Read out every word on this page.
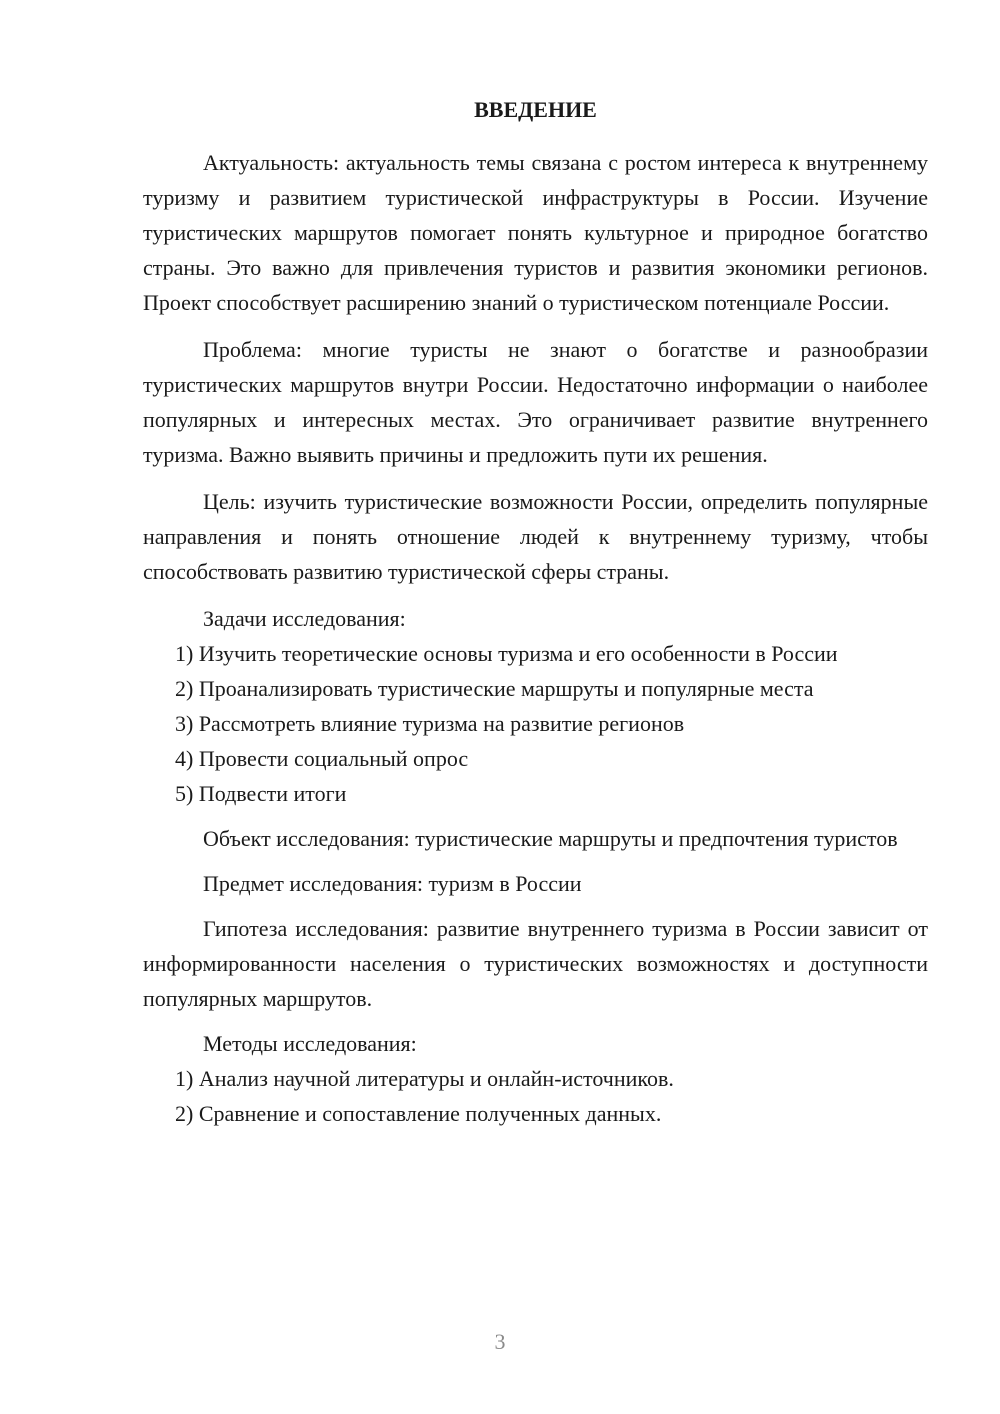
ВВЕДЕНИЕ

Актуальность: актуальность темы связана с ростом интереса к внутреннему туризму и развитием туристической инфраструктуры в России. Изучение туристических маршрутов помогает понять культурное и природное богатство страны. Это важно для привлечения туристов и развития экономики регионов. Проект способствует расширению знаний о туристическом потенциале России.

Проблема: многие туристы не знают о богатстве и разнообразии туристических маршрутов внутри России. Недостаточно информации о наиболее популярных и интересных местах. Это ограничивает развитие внутреннего туризма. Важно выявить причины и предложить пути их решения.

Цель: изучить туристические возможности России, определить популярные направления и понять отношение людей к внутреннему туризму, чтобы способствовать развитию туристической сферы страны.

Задачи исследования:

1) Изучить теоретические основы туризма и его особенности в России

2) Проанализировать туристические маршруты и популярные места

3) Рассмотреть влияние туризма на развитие регионов

4) Провести социальный опрос

5) Подвести итоги

Объект исследования: туристические маршруты и предпочтения туристов

Предмет исследования: туризм в России

Гипотеза исследования: развитие внутреннего туризма в России зависит от информированности населения о туристических возможностях и доступности популярных маршрутов.

Методы исследования:

1) Анализ научной литературы и онлайн-источников.

2) Сравнение и сопоставление полученных данных.

3
